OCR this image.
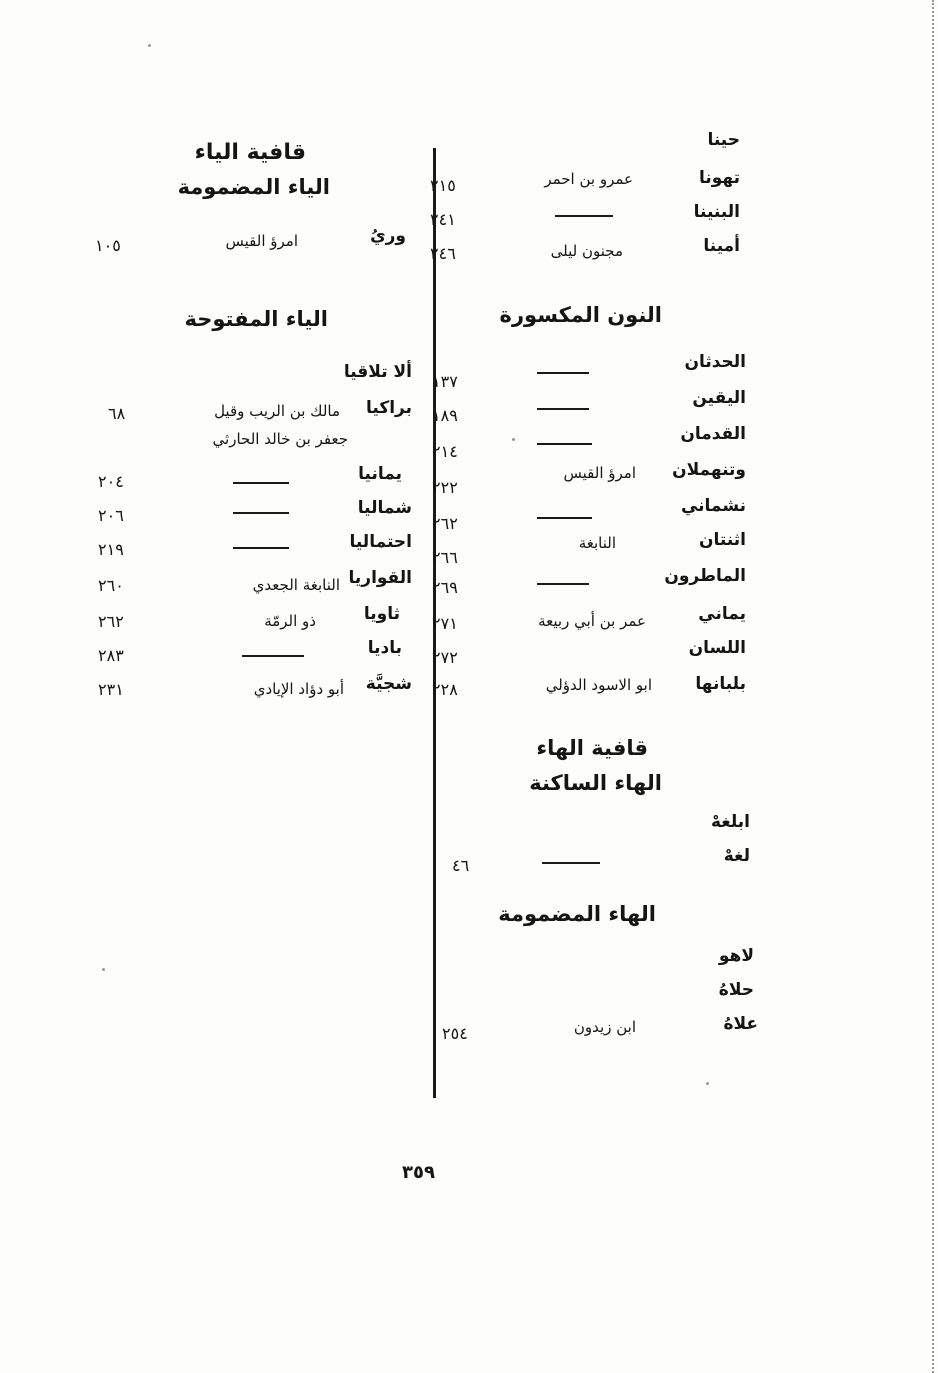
حينا
تهونا
عمرو بن احمر
٢١٥
البنينا
٢٤١
أمينا
مجنون ليلى
٢٤٦
النون المكسورة
الحدثان
١٣٧
اليقين
١٨٩
القدمان
٢١٤
وتنهملان
امرؤ القيس
٢٢٢
نشماني
٢٦٢
اثنتان
النابغة
٢٦٦
الماطرون
٢٦٩
يماني
عمر بن أبي ربيعة
٢٧١
اللسان
٢٧٢
بلبانها
ابو الاسود الدؤلي
٢٢٨
قافية الهاء
الهاء الساكنة
ابلغهْ
لغهْ
٤٦
الهاء المضمومة
لاهو
حلاهُ
علاهُ
ابن زيدون
٢٥٤
قافية الياء
الياء المضمومة
وريُ
امرؤ القيس
١٠٥
الياء المفتوحة
ألا تلاقيا
براكيا
مالك بن الريب وقيل
جعفر بن خالد الحارثي
٦٨
يمانيا
٢٠٤
شماليا
٢٠٦
احتماليا
٢١٩
القواريا
النابغة الجعدي
٢٦٠
ثاويا
ذو الرمّة
٢٦٢
باديا
٢٨٣
شجيَّة
أبو دؤاد الإيادي
٢٣١
٣٥٩
